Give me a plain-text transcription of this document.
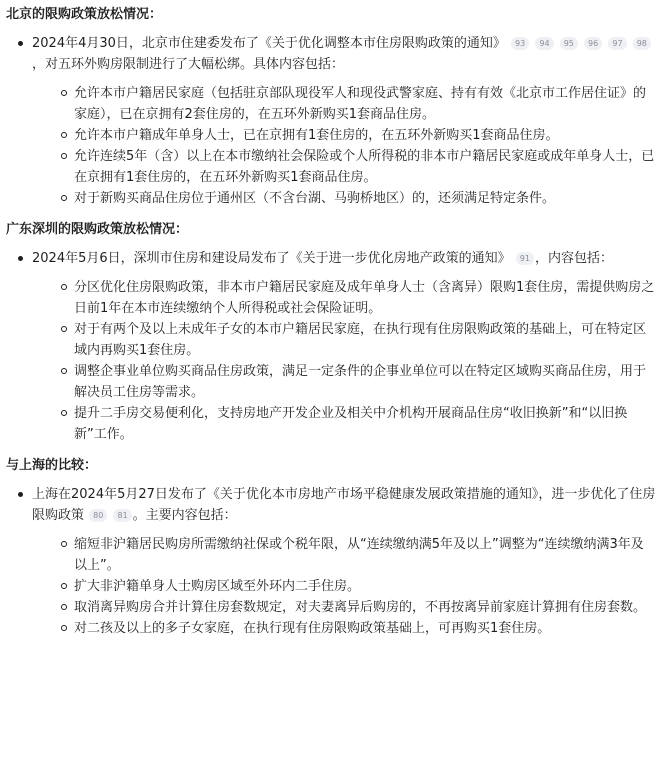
北京的限购政策放松情况：
2024年4月30日，北京市住建委发布了《关于优化调整本市住房限购政策的通知》 93 94 95 96 97 98，对五环外购房限制进行了大幅松绑。具体内容包括：
允许本市户籍居民家庭（包括驻京部队现役军人和现役武警家庭、持有有效《北京市工作居住证》的家庭），已在京拥有2套住房的，在五环外新购买1套商品住房。
允许本市户籍成年单身人士，已在京拥有1套住房的，在五环外新购买1套商品住房。
允许连续5年（含）以上在本市缴纳社会保险或个人所得税的非本市户籍居民家庭或成年单身人士，已在京拥有1套住房的，在五环外新购买1套商品住房。
对于新购买商品住房位于通州区（不含台湖、马驹桥地区）的，还须满足特定条件。
广东深圳的限购政策放松情况：
2024年5月6日，深圳市住房和建设局发布了《关于进一步优化房地产政策的通知》 91 ，内容包括：
分区优化住房限购政策，非本市户籍居民家庭及成年单身人士（含离异）限购1套住房，需提供购房之日前1年在本市连续缴纳个人所得税或社会保险证明。
对于有两个及以上未成年子女的本市户籍居民家庭，在执行现有住房限购政策的基础上，可在特定区域内再购买1套住房。
调整企事业单位购买商品住房政策，满足一定条件的企事业单位可以在特定区域购买商品住房，用于解决员工住房等需求。
提升二手房交易便利化，支持房地产开发企业及相关中介机构开展商品住房“收旧换新”和“以旧换新”工作。
与上海的比较：
上海在2024年5月27日发布了《关于优化本市房地产市场平稳健康发展政策措施的通知》，进一步优化了住房限购政策 80 81 。主要内容包括：
缩短非沪籍居民购房所需缴纳社保或个税年限，从“连续缴纳满5年及以上”调整为“连续缴纳满3年及以上”。
扩大非沪籍单身人士购房区域至外环内二手住房。
取消离异购房合并计算住房套数规定，对夫妻离异后购房的，不再按离异前家庭计算拥有住房套数。
对二孩及以上的多子女家庭，在执行现有住房限购政策基础上，可再购买1套住房。
